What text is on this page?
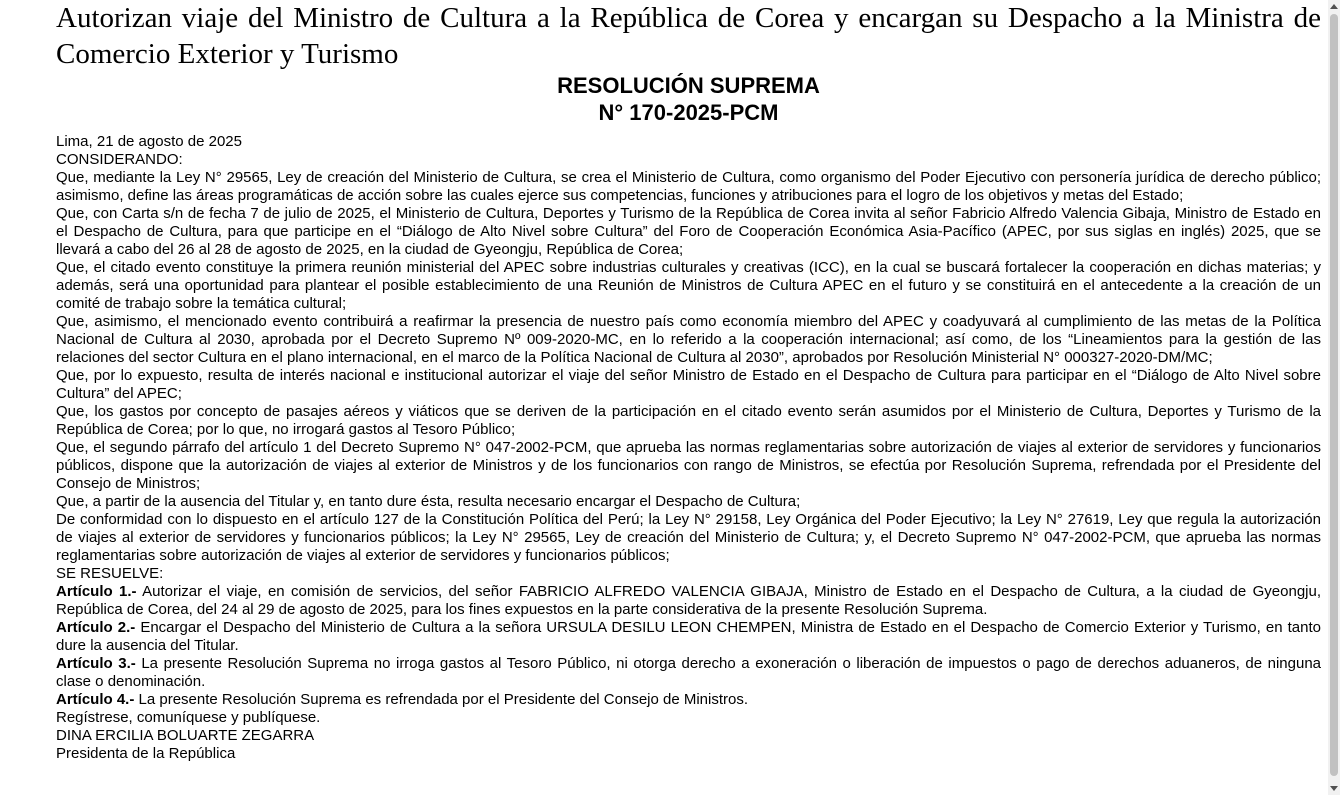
Autorizan viaje del Ministro de Cultura a la República de Corea y encargan su Despacho a la Ministra de Comercio Exterior y Turismo

RESOLUCIÓN SUPREMA
N° 170-2025-PCM

Lima, 21 de agosto de 2025

CONSIDERANDO:

Que, mediante la Ley N° 29565, Ley de creación del Ministerio de Cultura, se crea el Ministerio de Cultura, como organismo del Poder Ejecutivo con personería jurídica de derecho público; asimismo, define las áreas programáticas de acción sobre las cuales ejerce sus competencias, funciones y atribuciones para el logro de los objetivos y metas del Estado;

Que, con Carta s/n de fecha 7 de julio de 2025, el Ministerio de Cultura, Deportes y Turismo de la República de Corea invita al señor Fabricio Alfredo Valencia Gibaja, Ministro de Estado en el Despacho de Cultura, para que participe en el “Diálogo de Alto Nivel sobre Cultura” del Foro de Cooperación Económica Asia-Pacífico (APEC, por sus siglas en inglés) 2025, que se llevará a cabo del 26 al 28 de agosto de 2025, en la ciudad de Gyeongju, República de Corea;

Que, el citado evento constituye la primera reunión ministerial del APEC sobre industrias culturales y creativas (ICC), en la cual se buscará fortalecer la cooperación en dichas materias; y además, será una oportunidad para plantear el posible establecimiento de una Reunión de Ministros de Cultura APEC en el futuro y se constituirá en el antecedente a la creación de un comité de trabajo sobre la temática cultural;

Que, asimismo, el mencionado evento contribuirá a reafirmar la presencia de nuestro país como economía miembro del APEC y coadyuvará al cumplimiento de las metas de la Política Nacional de Cultura al 2030, aprobada por el Decreto Supremo Nº 009-2020-MC, en lo referido a la cooperación internacional; así como, de los “Lineamientos para la gestión de las relaciones del sector Cultura en el plano internacional, en el marco de la Política Nacional de Cultura al 2030”, aprobados por Resolución Ministerial N° 000327-2020-DM/MC;

Que, por lo expuesto, resulta de interés nacional e institucional autorizar el viaje del señor Ministro de Estado en el Despacho de Cultura para participar en el “Diálogo de Alto Nivel sobre Cultura” del APEC;

Que, los gastos por concepto de pasajes aéreos y viáticos que se deriven de la participación en el citado evento serán asumidos por el Ministerio de Cultura, Deportes y Turismo de la República de Corea; por lo que, no irrogará gastos al Tesoro Público;

Que, el segundo párrafo del artículo 1 del Decreto Supremo N° 047-2002-PCM, que aprueba las normas reglamentarias sobre autorización de viajes al exterior de servidores y funcionarios públicos, dispone que la autorización de viajes al exterior de Ministros y de los funcionarios con rango de Ministros, se efectúa por Resolución Suprema, refrendada por el Presidente del Consejo de Ministros;

Que, a partir de la ausencia del Titular y, en tanto dure ésta, resulta necesario encargar el Despacho de Cultura;

De conformidad con lo dispuesto en el artículo 127 de la Constitución Política del Perú; la Ley N° 29158, Ley Orgánica del Poder Ejecutivo; la Ley N° 27619, Ley que regula la autorización de viajes al exterior de servidores y funcionarios públicos; la Ley N° 29565, Ley de creación del Ministerio de Cultura; y, el Decreto Supremo N° 047-2002-PCM, que aprueba las normas reglamentarias sobre autorización de viajes al exterior de servidores y funcionarios públicos;

SE RESUELVE:

Artículo 1.- Autorizar el viaje, en comisión de servicios, del señor FABRICIO ALFREDO VALENCIA GIBAJA, Ministro de Estado en el Despacho de Cultura, a la ciudad de Gyeongju, República de Corea, del 24 al 29 de agosto de 2025, para los fines expuestos en la parte considerativa de la presente Resolución Suprema.

Artículo 2.- Encargar el Despacho del Ministerio de Cultura a la señora URSULA DESILU LEON CHEMPEN, Ministra de Estado en el Despacho de Comercio Exterior y Turismo, en tanto dure la ausencia del Titular.

Artículo 3.- La presente Resolución Suprema no irroga gastos al Tesoro Público, ni otorga derecho a exoneración o liberación de impuestos o pago de derechos aduaneros, de ninguna clase o denominación.

Artículo 4.- La presente Resolución Suprema es refrendada por el Presidente del Consejo de Ministros.

Regístrese, comuníquese y publíquese.

DINA ERCILIA BOLUARTE ZEGARRA

Presidenta de la República
